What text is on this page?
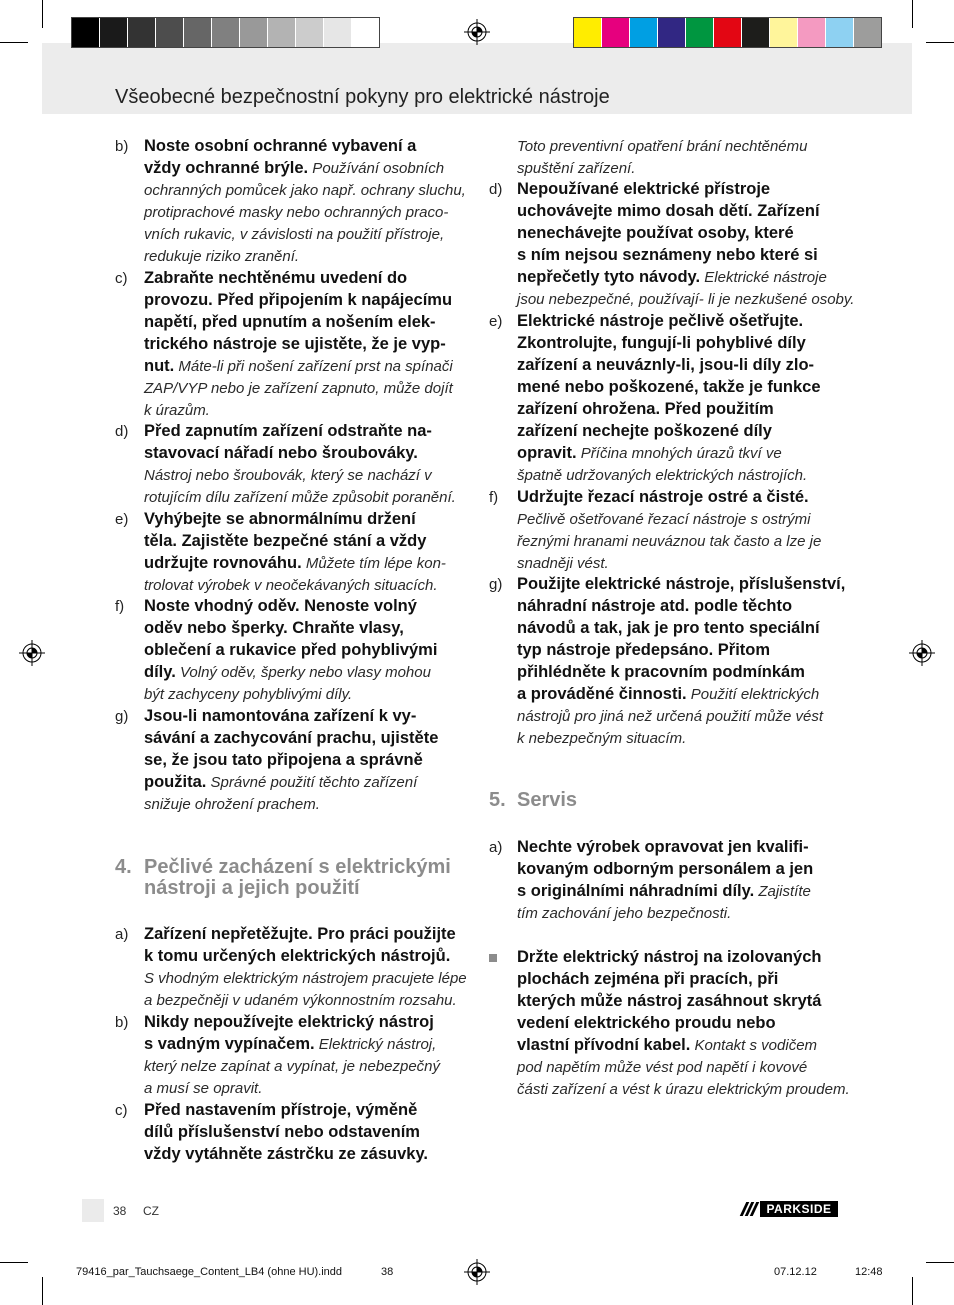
Všeobecné bezpečnostní pokyny pro elektrické nástroje
b) Noste osobní ochranné vybavení a
vždy ochranné brýle. Používání osobních
ochranných pomůcek jako např. ochrany sluchu,
protiprachové masky nebo ochranných praco-
vních rukavic, v závislosti na použití přístroje,
redukuje riziko zranění.
c)	Zabraňte nechtěnému uvedení do
provozu. Před připojením k napájecímu
napětí, před upnutím a nošením elek-
trického nástroje se ujistěte, že je vyp-
nut. Máte-li při nošení zařízení prst na spínači
ZAP/VYP nebo je zařízení zapnuto, může dojít
k úrazům.
d) Před zapnutím zařízení odstraňte na-
stavovací nářadí nebo šroubováky.
Nástroj nebo šroubovák, který se nachází v
rotujícím dílu zařízení může způsobit poranění.
e) Vyhýbejte se abnormálnímu držení
těla. Zajistěte bezpečné stání a vždy
udržujte rovnováhu. Můžete tím lépe kon-
trolovat výrobek v neočekávaných situacích.
f)	Noste vhodný oděv. Nenoste volný
oděv nebo šperky. Chraňte vlasy,
oblečení a rukavice před pohyblivými
díly. Volný oděv, šperky nebo vlasy mohou
být zachyceny pohyblivými díly.
g) Jsou-li namontována zařízení k vy-
sávání a zachycování prachu, ujistěte
se, že jsou tato připojena a správně
použita. Správné použití těchto zařízení
snižuje ohrožení prachem.
4. Pečlivé zacházení s elektrickými
nástroji a jejich použití
a) Zařízení nepřetěžujte. Pro práci použijte
k tomu určených elektrických nástrojů.
S vhodným elektrickým nástrojem pracujete lépe
a bezpečněji v udaném výkonnostním rozsahu.
b) Nikdy nepoužívejte elektrický nástroj
s vadným vypínačem. Elektrický nástroj,
který nelze zapínat a vypínat, je nebezpečný
a musí se opravit.
c)	Před nastavením přístroje, výměně
dílů příslušenství nebo odstavením
vždy vytáhněte zástrčku ze zásuvky.
Toto preventivní opatření brání nechtěnému
spuštění zařízení.
d) Nepoužívané elektrické přístroje
uchovávejte mimo dosah dětí. Zařízení
nenechávejte používat osoby, které
s ním nejsou seznámeny nebo které si
nepřečetly tyto návody. Elektrické nástroje
jsou nebezpečné, používají- li je nezkušené osoby.
e) Elektrické nástroje pečlivě ošetřujte.
Zkontrolujte, fungují-li pohyblivé díly
zařízení a neuváznly-li, jsou-li díly zlo-
mené nebo poškozené, takže je funkce
zařízení ohrožena. Před použitím
zařízení nechejte poškozené díly
opravit. Příčina mnohých úrazů tkví ve
špatně udržovaných elektrických nástrojích.
f)	Udržujte řezací nástroje ostré a čisté.
Pečlivě ošetřované řezací nástroje s ostrými
řeznými hranami neuváznou tak často a lze je
snadněji vést.
g) Použijte elektrické nástroje, příslušenství,
náhradní nástroje atd. podle těchto
návodů a tak, jak je pro tento speciální
typ nástroje předepsáno. Přitom
přihlédněte k pracovním podmínkám
a prováděné činnosti. Použití elektrických
nástrojů pro jiná než určená použití může vést
k nebezpečným situacím.
5. Servis
a) Nechte výrobek opravovat jen kvalifi-
kovaným odborným personálem a jen
s originálními náhradními díly. Zajistíte
tím zachování jeho bezpečnosti.
Držte elektrický nástroj na izolovaných
plochách zejména při pracích, při
kterých může nástroj zasáhnout skrytá
vedení elektrického proudu nebo
vlastní přívodní kabel. Kontakt s vodičem
pod napětím může vést pod napětí i kovové
části zařízení a vést k úrazu elektrickým proudem.
38 CZ	PARKSIDE
79416_par_Tauchsaege_Content_LB4 (ohne HU).indd	38	07.12.12	12:48
